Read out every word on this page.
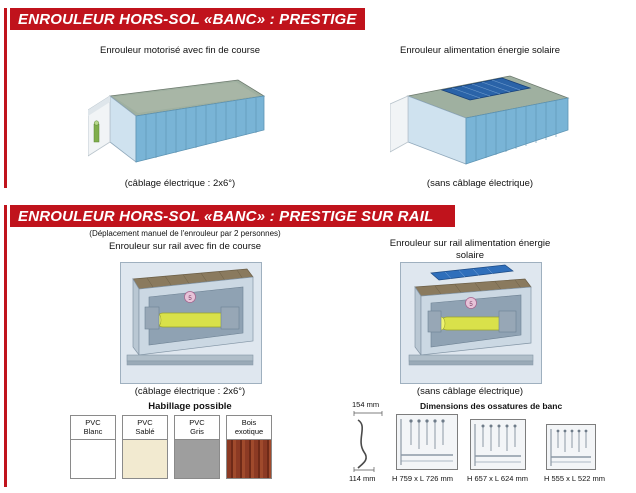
ENROULEUR HORS-SOL «BANC» : PRESTIGE
Enrouleur motorisé avec fin de course	Enrouleur alimentation énergie solaire
(câblage électrique : 2x6°)	(sans câblage électrique)
ENROULEUR HORS-SOL «BANC» : PRESTIGE SUR RAIL
(Déplacement manuel de l'enrouleur par 2 personnes)
Enrouleur sur rail avec fin de course	Enrouleur sur rail alimentation énergie solaire
5
5
(câblage électrique : 2x6°)	(sans câblage électrique)
Habillage possible
PVC
Blanc
PVC
Sablé
PVC
Gris
Bois
exotique
Dimensions des ossatures de banc
154 mm
114 mm H 759 x L 726 mm H 657 x L 624 mm H 555 x L 522 mm
